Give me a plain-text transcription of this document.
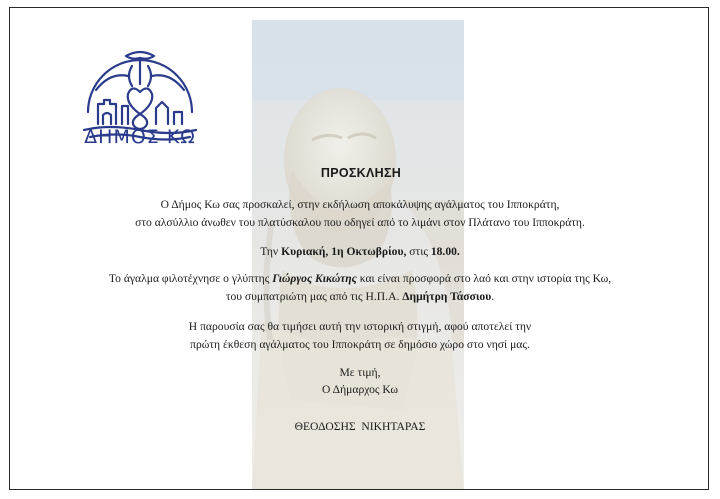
ΔΗΜΟΣ ΚΩ
ΠΡΟΣΚΛΗΣΗ
Ο Δήμος Κω σας προσκαλεί, στην εκδήλωση αποκάλυψης αγάλματος του Ιπποκράτη,
στο αλσύλλιο άνωθεν του πλατύσκαλου που οδηγεί από το λιμάνι στον Πλάτανο του Ιπποκράτη.
Την Κυριακή, 1η Οκτωβρίου, στις 18.00.
Το άγαλμα φιλοτέχνησε ο γλύπτης Γιώργος Κικώτης και είναι προσφορά στο λαό και στην ιστορία της Κω,
του συμπατριώτη μας από τις Η.Π.Α. Δημήτρη Τάσσιου.
Η παρουσία σας θα τιμήσει αυτή την ιστορική στιγμή, αφού αποτελεί την
πρώτη έκθεση αγάλματος του Ιπποκράτη σε δημόσιο χώρο στο νησί μας.
Με τιμή,
Ο Δήμαρχος Κω
ΘΕΟΔΟΣΗΣ  ΝΙΚΗΤΑΡΑΣ
